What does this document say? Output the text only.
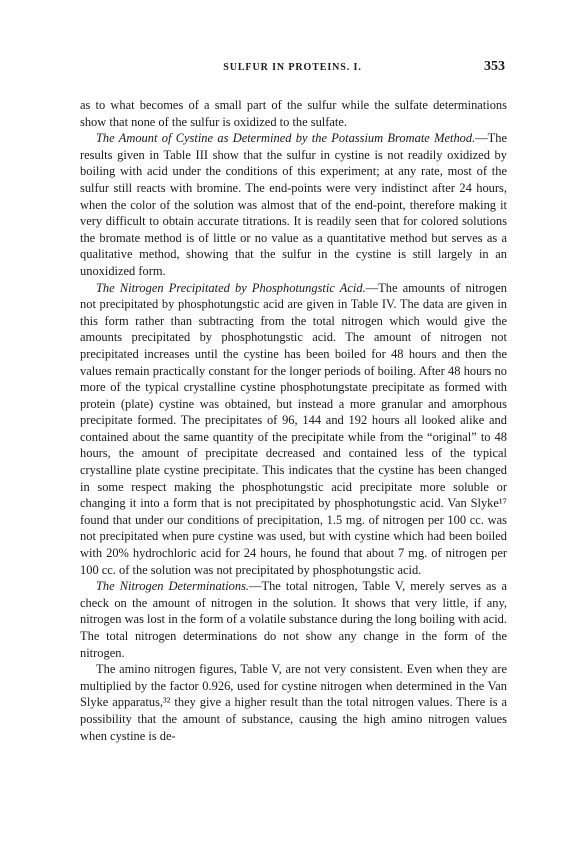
SULFUR IN PROTEINS. I.	353

as to what becomes of a small part of the sulfur while the sulfate determinations show that none of the sulfur is oxidized to the sulfate.

The Amount of Cystine as Determined by the Potassium Bromate Method.—The results given in Table III show that the sulfur in cystine is not readily oxidized by boiling with acid under the conditions of this experiment; at any rate, most of the sulfur still reacts with bromine. The end-points were very indistinct after 24 hours, when the color of the solution was almost that of the end-point, therefore making it very difficult to obtain accurate titrations. It is readily seen that for colored solutions the bromate method is of little or no value as a quantitative method but serves as a qualitative method, showing that the sulfur in the cystine is still largely in an unoxidized form.

The Nitrogen Precipitated by Phosphotungstic Acid.—The amounts of nitrogen not precipitated by phosphotungstic acid are given in Table IV. The data are given in this form rather than subtracting from the total nitrogen which would give the amounts precipitated by phosphotungstic acid. The amount of nitrogen not precipitated increases until the cystine has been boiled for 48 hours and then the values remain practically constant for the longer periods of boiling. After 48 hours no more of the typical crystalline cystine phosphotungstate precipitate as formed with protein (plate) cystine was obtained, but instead a more granular and amorphous precipitate formed. The precipitates of 96, 144 and 192 hours all looked alike and contained about the same quantity of the precipitate while from the “original” to 48 hours, the amount of precipitate decreased and contained less of the typical crystalline plate cystine precipitate. This indicates that the cystine has been changed in some respect making the phosphotungstic acid precipitate more soluble or changing it into a form that is not precipitated by phosphotungstic acid. Van Slyke¹⁷ found that under our conditions of precipitation, 1.5 mg. of nitrogen per 100 cc. was not precipitated when pure cystine was used, but with cystine which had been boiled with 20% hydrochloric acid for 24 hours, he found that about 7 mg. of nitrogen per 100 cc. of the solution was not precipitated by phosphotungstic acid.

The Nitrogen Determinations.—The total nitrogen, Table V, merely serves as a check on the amount of nitrogen in the solution. It shows that very little, if any, nitrogen was lost in the form of a volatile substance during the long boiling with acid. The total nitrogen determinations do not show any change in the form of the nitrogen.

The amino nitrogen figures, Table V, are not very consistent. Even when they are multiplied by the factor 0.926, used for cystine nitrogen when determined in the Van Slyke apparatus,³² they give a higher result than the total nitrogen values. There is a possibility that the amount of substance, causing the high amino nitrogen values when cystine is de-
